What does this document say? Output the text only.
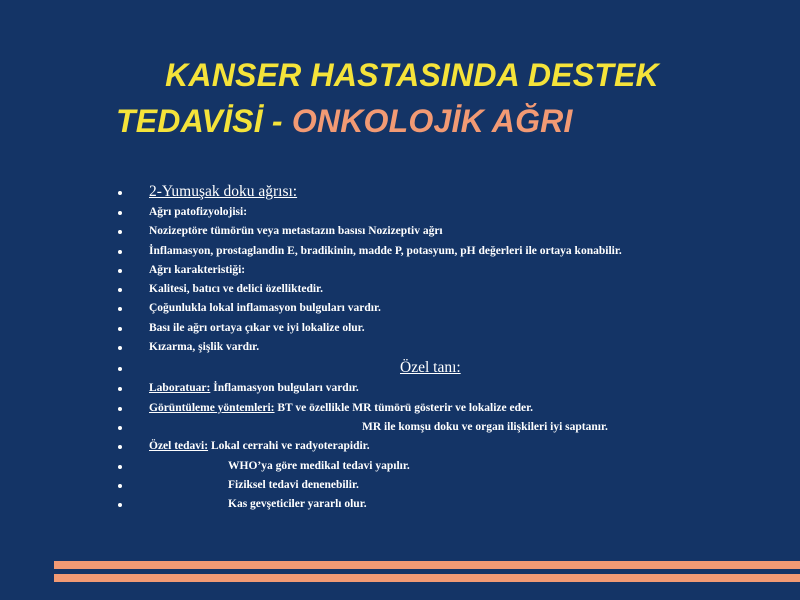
KANSER HASTASINDA DESTEK
TEDAVİSİ - ONKOLOJİK AĞRI
2-Yumuşak doku ağrısı:
Ağrı patofizyolojisi:
Nozizeptöre tümörün veya metastazın basısı Nozizeptiv ağrı
İnflamasyon, prostaglandin E, bradikinin, madde P, potasyum, pH değerleri ile ortaya konabilir.
Ağrı karakteristiği:
Kalitesi, batıcı ve delici özelliktedir.
Çoğunlukla lokal inflamasyon bulguları vardır.
Bası ile ağrı ortaya çıkar ve iyi lokalize olur.
Kızarma, şişlik vardır.
Özel tanı:
Laboratuar: İnflamasyon bulguları vardır.
Görüntüleme yöntemleri: BT ve özellikle MR tümörü gösterir ve lokalize eder.
MR ile komşu doku ve organ ilişkileri iyi saptanır.
Özel tedavi: Lokal cerrahi ve radyoterapidir.
WHO’ya göre medikal tedavi yapılır.
Fiziksel tedavi denenebilir.
Kas gevşeticiler yararlı olur.
